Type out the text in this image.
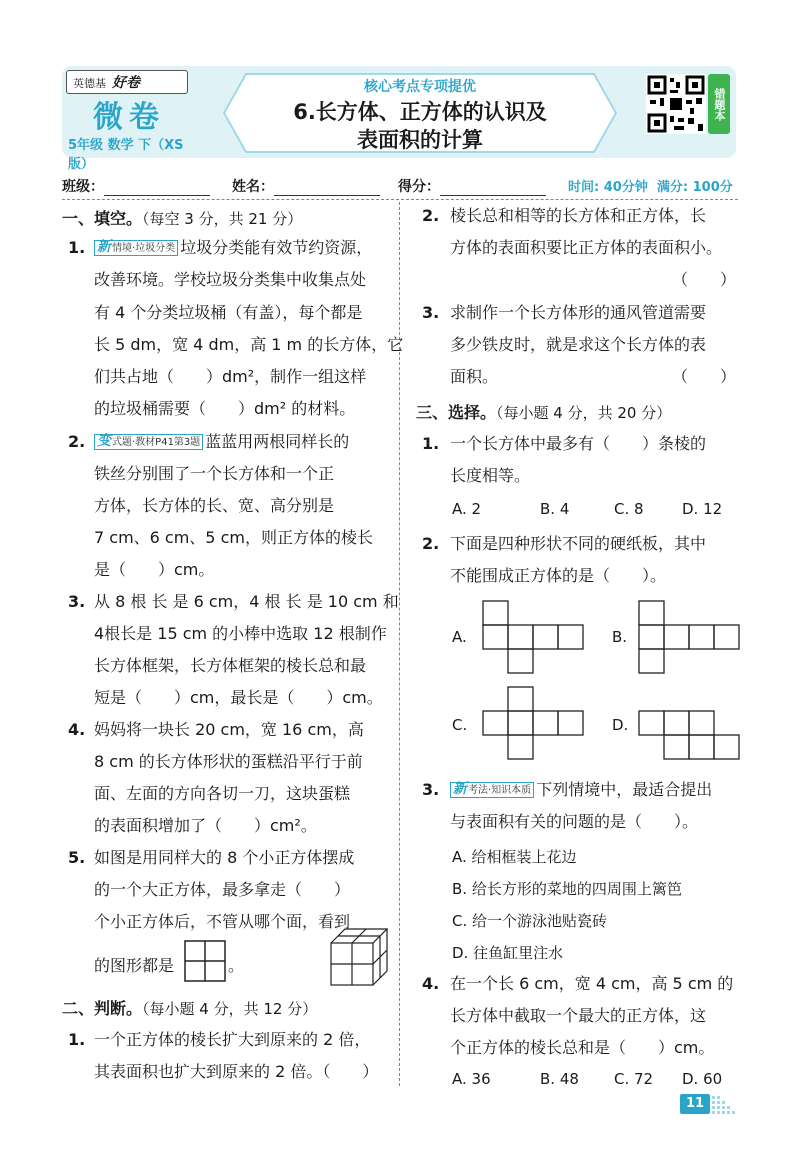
英德基 好卷
微卷
5年级 数学 下（XS版）
核心考点专项提优
6.长方体、正方体的认识及
表面积的计算
错题本
班级：	姓名：	得分：	时间: 40分钟 满分: 100分
一、填空。（每空 3 分，共 21 分）
1. 新情境·垃圾分类 垃圾分类能有效节约资源，
改善环境。学校垃圾分类集中收集点处
有 4 个分类垃圾桶（有盖），每个都是
长 5 dm，宽 4 dm，高 1 m 的长方体，它
们共占地（　　）dm²，制作一组这样
的垃圾桶需要（　　）dm² 的材料。
2. 变式题·教材P41第3题 蓝蓝用两根同样长的
铁丝分别围了一个长方体和一个正
方体，长方体的长、宽、高分别是
7 cm、6 cm、5 cm，则正方体的棱长
是（　　）cm。
3. 从 8 根 长 是 6 cm，4 根 长 是 10 cm 和
4根长是 15 cm 的小棒中选取 12 根制作
长方体框架，长方体框架的棱长总和最
短是（　　）cm，最长是（　　）cm。
4. 妈妈将一块长 20 cm，宽 16 cm，高
8 cm 的长方体形状的蛋糕沿平行于前
面、左面的方向各切一刀，这块蛋糕
的表面积增加了（　　）cm²。
5. 如图是用同样大的 8 个小正方体摆成
的一个大正方体，最多拿走（　　）
个小正方体后，不管从哪个面，看到
的图形都是	。
二、判断。（每小题 4 分，共 12 分）
1. 一个正方体的棱长扩大到原来的 2 倍，
其表面积也扩大到原来的 2 倍。（　　）
2. 棱长总和相等的长方体和正方体，长
方体的表面积要比正方体的表面积小。
（　　）
3. 求制作一个长方体形的通风管道需要
多少铁皮时，就是求这个长方体的表
面积。	（　　）
三、选择。（每小题 4 分，共 20 分）
1. 一个长方体中最多有（　　）条棱的
长度相等。
A. 2	B. 4	C. 8	D. 12
2. 下面是四种形状不同的硬纸板，其中
不能围成正方体的是（　　）。
A.	B.
C.	D.
3. 新考法·知识本质 下列情境中，最适合提出
与表面积有关的问题的是（　　）。
A. 给相框装上花边
B. 给长方形的菜地的四周围上篱笆
C. 给一个游泳池贴瓷砖
D. 往鱼缸里注水
4. 在一个长 6 cm，宽 4 cm，高 5 cm 的
长方体中截取一个最大的正方体，这
个正方体的棱长总和是（　　）cm。
A. 36	B. 48 C. 72 D. 60
11
